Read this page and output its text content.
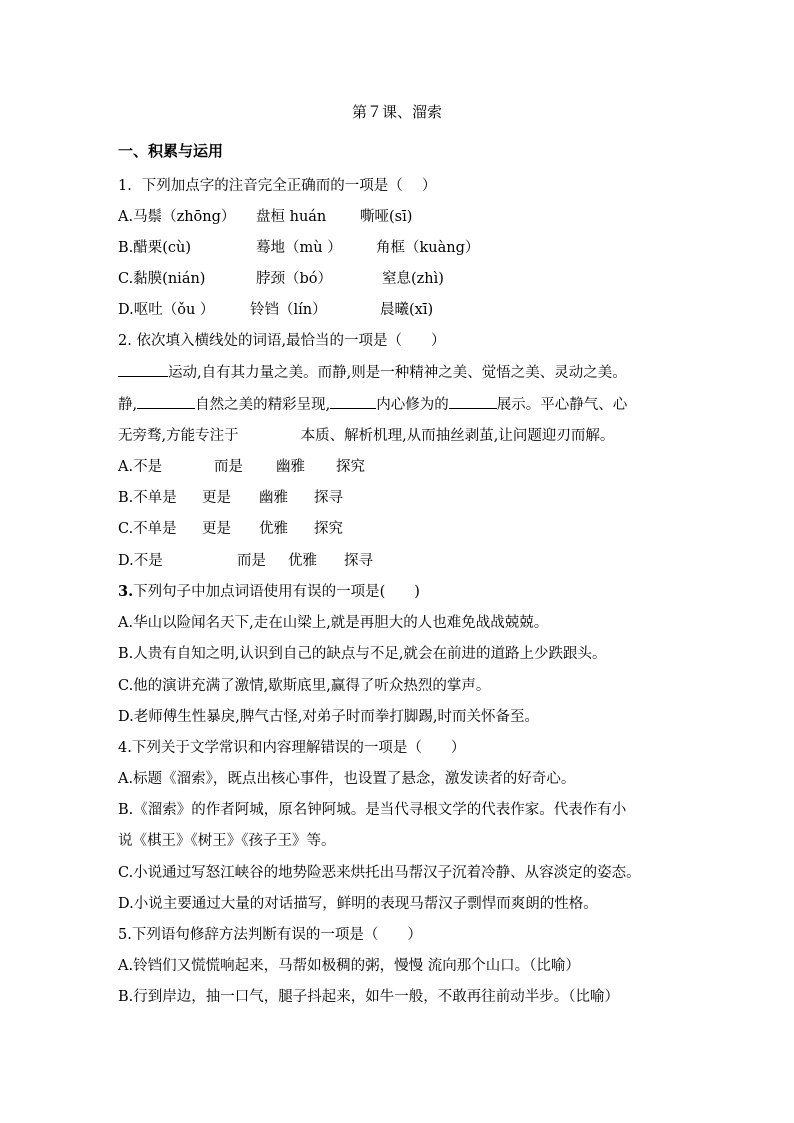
第７课、溜索
一、积累与运用
1．下列加点字的注音完全正确而的一项是（　 ）
A.马鬃（zhōng） 盘桓 huán 嘶哑(sī)
B.醋栗(cù)	蓦地（mù ） 角框（kuàng）
C.黏膜(nián)	脖颈（bó）	窒息(zhì)
D.呕吐（ǒu ） 铃铛（lín）	晨曦(xī)
2. 依次填入横线处的词语,最恰当的一项是（　　）
运动,自有其力量之美。而静,则是一种精神之美、觉悟之美、灵动之美。
静,	自然之美的精彩呈现,	内心修为的	展示。平心静气、心
无旁骛,方能专注于	本质、解析机理,从而抽丝剥茧,让问题迎刃而解。
A.不是	而是 幽雅 探究
B.不单是 更是 幽雅 探寻
C.不单是 更是 优雅 探究
D.不是	而是 优雅 探寻
3.下列句子中加点词语使用有误的一项是(　　)
A.华山以险闻名天下,走在山梁上,就是再胆大的人也难免战战兢兢。
B.人贵有自知之明,认识到自己的缺点与不足,就会在前进的道路上少跌跟头。
C.他的演讲充满了激情,歇斯底里,赢得了听众热烈的掌声。
D.老师傅生性暴戾,脾气古怪,对弟子时而拳打脚踢,时而关怀备至。
4.下列关于文学常识和内容理解错误的一项是（　　）
A.标题《溜索》，既点出核心事件，也设置了悬念，激发读者的好奇心。
B.《溜索》的作者阿城，原名钟阿城。是当代寻根文学的代表作家。代表作有小
说《棋王》《树王》《孩子王》等。
C.小说通过写怒江峡谷的地势险恶来烘托出马帮汉子沉着冷静、从容淡定的姿态。
D.小说主要通过大量的对话描写，鲜明的表现马帮汉子剽悍而爽朗的性格。
5.下列语句修辞方法判断有误的一项是（　　）
A.铃铛们又慌慌响起来，马帮如极稠的粥，慢慢 流向那个山口。（比喻）
B.行到岸边，抽一口气，腿子抖起来，如牛一般，不敢再往前动半步。（比喻）
